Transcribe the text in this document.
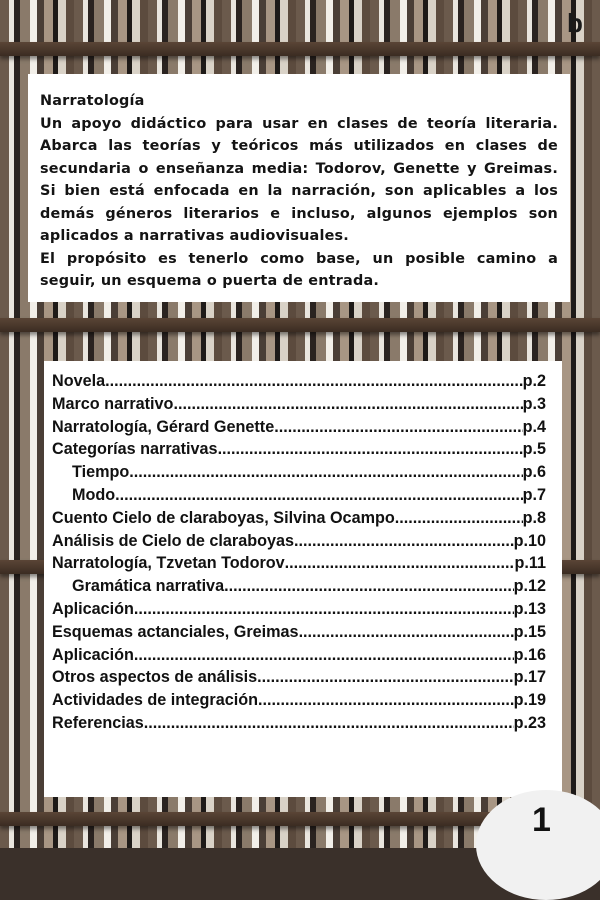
b

Narratología

Un apoyo didáctico para usar en clases de teoría literaria. Abarca las teorías y teóricos más utilizados en clases de secundaria o enseñanza media: Todorov, Genette y Greimas. Si bien está enfocada en la narración, son aplicables a los demás géneros literarios e incluso, algunos ejemplos son aplicados a narrativas audiovisuales.

El propósito es tenerlo como base, un posible camino a seguir, un esquema o puerta de entrada.

Novela .....	p.2
Marco narrativo .....	p.3
Narratología, Gérard Genette .....	p.4
Categorías narrativas .....	p.5
Tiempo .....	p.6
Modo .....	p.7
Cuento Cielo de claraboyas, Silvina Ocampo .....	p.8
Análisis de Cielo de claraboyas .....	p.10
Narratología, Tzvetan Todorov .....	p.11
Gramática narrativa .....	p.12
Aplicación .....	p.13
Esquemas actanciales, Greimas .....	p.15
Aplicación .....	p.16
Otros aspectos de análisis .....	p.17
Actividades de integración .....	p.19
Referencias .....	p.23
1
